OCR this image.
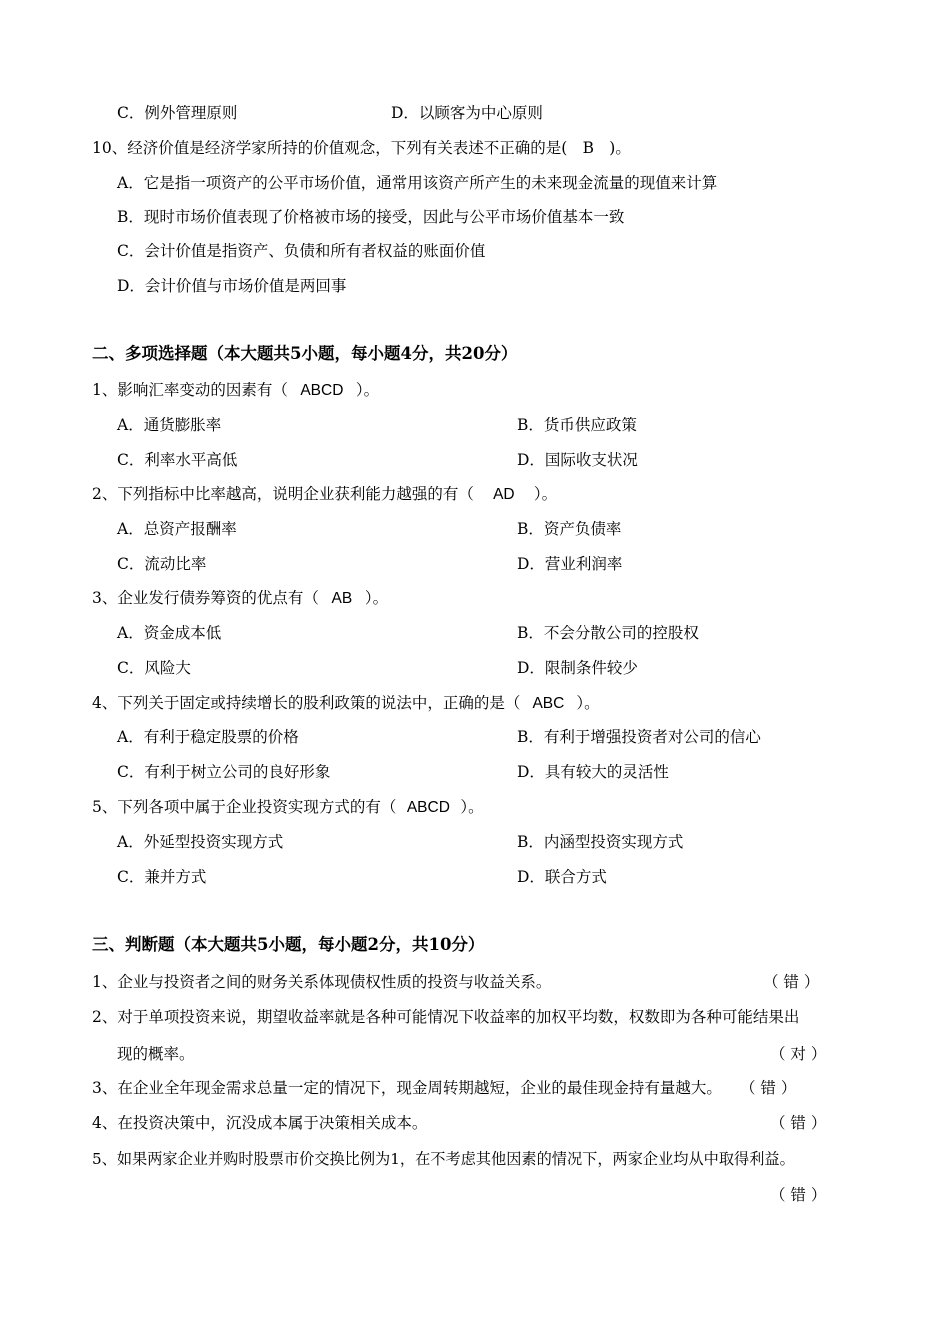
C．例外管理原则	D．以顾客为中心原则
10、经济价值是经济学家所持的价值观念，下列有关表述不正确的是( B )。
A．它是指一项资产的公平市场价值，通常用该资产所产生的未来现金流量的现值来计算
B．现时市场价值表现了价格被市场的接受，因此与公平市场价值基本一致
C．会计价值是指资产、负债和所有者权益的账面价值
D．会计价值与市场价值是两回事
二、多项选择题（本大题共5小题，每小题4分，共20分）
1、影响汇率变动的因素有（ ABCD ）。
A．通货膨胀率	B．货币供应政策
C．利率水平高低	D．国际收支状况
2、下列指标中比率越高，说明企业获利能力越强的有（ AD ）。
A．总资产报酬率	B．资产负债率
C．流动比率	D．营业利润率
3、企业发行债券筹资的优点有（ AB ）。
A．资金成本低	B．不会分散公司的控股权
C．风险大	D．限制条件较少
4、下列关于固定或持续增长的股利政策的说法中，正确的是（ ABC ）。
A．有利于稳定股票的价格	B．有利于增强投资者对公司的信心
C．有利于树立公司的良好形象	D．具有较大的灵活性
5、下列各项中属于企业投资实现方式的有（ ABCD ）。
A．外延型投资实现方式	B．内涵型投资实现方式
C．兼并方式	D．联合方式
三、判断题（本大题共5小题，每小题2分，共10分）
1、企业与投资者之间的财务关系体现债权性质的投资与收益关系。	（ 错 ）
2、对于单项投资来说，期望收益率就是各种可能情况下收益率的加权平均数，权数即为各种可能结果出
现的概率。	（ 对 ）
3、在企业全年现金需求总量一定的情况下，现金周转期越短，企业的最佳现金持有量越大。 （ 错 ）
4、在投资决策中，沉没成本属于决策相关成本。	（ 错 ）
5、如果两家企业并购时股票市价交换比例为1，在不考虑其他因素的情况下，两家企业均从中取得利益。
（ 错 ）
